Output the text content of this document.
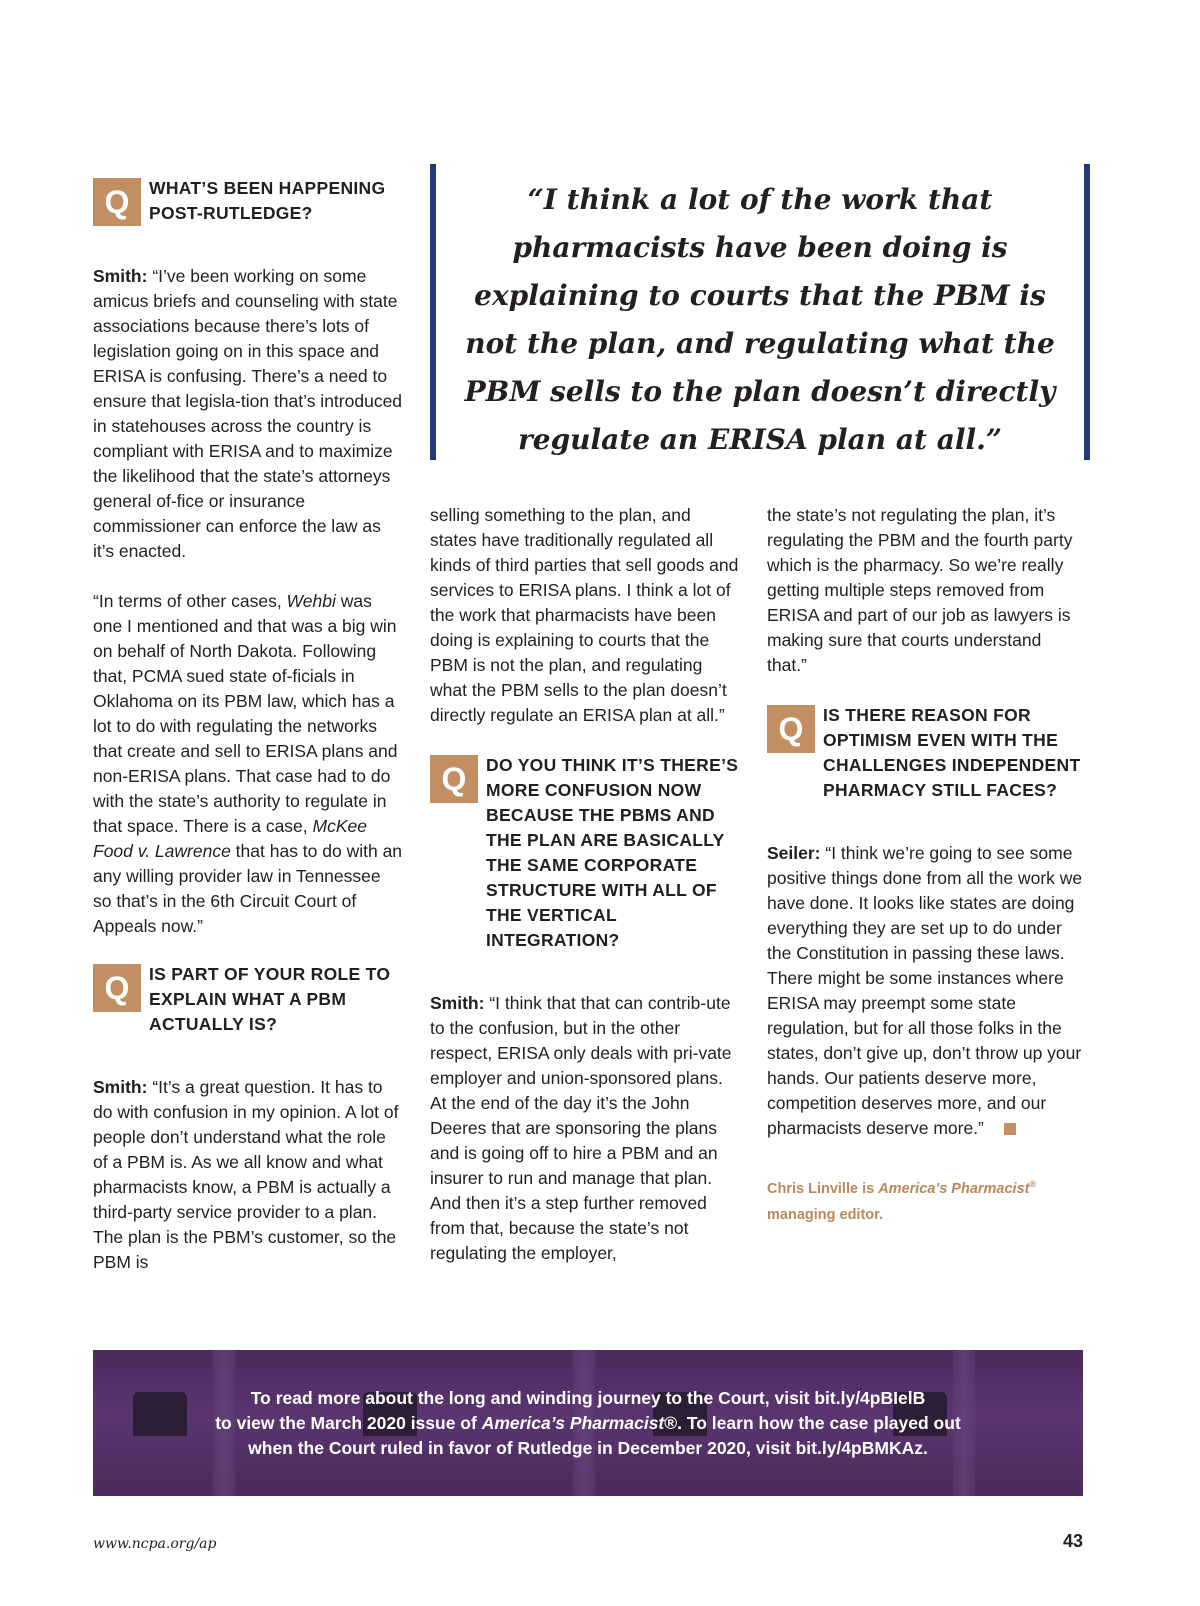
“I think a lot of the work that pharmacists have been doing is explaining to courts that the PBM is not the plan, and regulating what the PBM sells to the plan doesn’t directly regulate an ERISA plan at all.”
Q	WHAT’S BEEN HAPPENING POST-RUTLEDGE?

Smith: “I’ve been working on some amicus briefs and counseling with state associations because there’s lots of legislation going on in this space and ERISA is confusing. There’s a need to ensure that legisla-tion that’s introduced in statehouses across the country is compliant with ERISA and to maximize the likelihood that the state’s attorneys general of-fice or insurance commissioner can enforce the law as it’s enacted.

“In terms of other cases, Wehbi was one I mentioned and that was a big win on behalf of North Dakota. Following that, PCMA sued state of-ficials in Oklahoma on its PBM law, which has a lot to do with regulating the networks that create and sell to ERISA plans and non-ERISA plans. That case had to do with the state’s authority to regulate in that space. There is a case, McKee Food v. Lawrence that has to do with an any willing provider law in Tennessee so that’s in the 6th Circuit Court of Appeals now.”

Q	IS PART OF YOUR ROLE TO EXPLAIN WHAT A PBM ACTUALLY IS?

Smith: “It’s a great question. It has to do with confusion in my opinion. A lot of people don’t understand what the role of a PBM is. As we all know and what pharmacists know, a PBM is actually a third-party service provider to a plan. The plan is the PBM’s customer, so the PBM is

selling something to the plan, and states have traditionally regulated all kinds of third parties that sell goods and services to ERISA plans. I think a lot of the work that pharmacists have been doing is explaining to courts that the PBM is not the plan, and regulating what the PBM sells to the plan doesn’t directly regulate an ERISA plan at all.”

Q	DO YOU THINK IT’S THERE’S MORE CONFUSION NOW BECAUSE THE PBMS AND THE PLAN ARE BASICALLY THE SAME CORPORATE STRUCTURE WITH ALL OF THE VERTICAL INTEGRATION?

Smith: “I think that that can contrib-ute to the confusion, but in the other respect, ERISA only deals with pri-vate employer and union-sponsored plans. At the end of the day it’s the John Deeres that are sponsoring the plans and is going off to hire a PBM and an insurer to run and manage that plan. And then it’s a step further removed from that, because the state’s not regulating the employer,

the state’s not regulating the plan, it’s regulating the PBM and the fourth party which is the pharmacy. So we’re really getting multiple steps removed from ERISA and part of our job as lawyers is making sure that courts understand that.”

Q	IS THERE REASON FOR OPTIMISM EVEN WITH THE CHALLENGES INDEPENDENT PHARMACY STILL FACES?

Seiler: “I think we’re going to see some positive things done from all the work we have done. It looks like states are doing everything they are set up to do under the Constitution in passing these laws. There might be some instances where ERISA may preempt some state regulation, but for all those folks in the states, don’t give up, don’t throw up your hands. Our patients deserve more, competition deserves more, and our pharmacists deserve more.”

Chris Linville is America’s Pharmacist®
managing editor.
To read more about the long and winding journey to the Court, visit bit.ly/4pBIelB
to view the March 2020 issue of America’s Pharmacist®. To learn how the case played out
when the Court ruled in favor of Rutledge in December 2020, visit bit.ly/4pBMKAz.
www.ncpa.org/ap	43
